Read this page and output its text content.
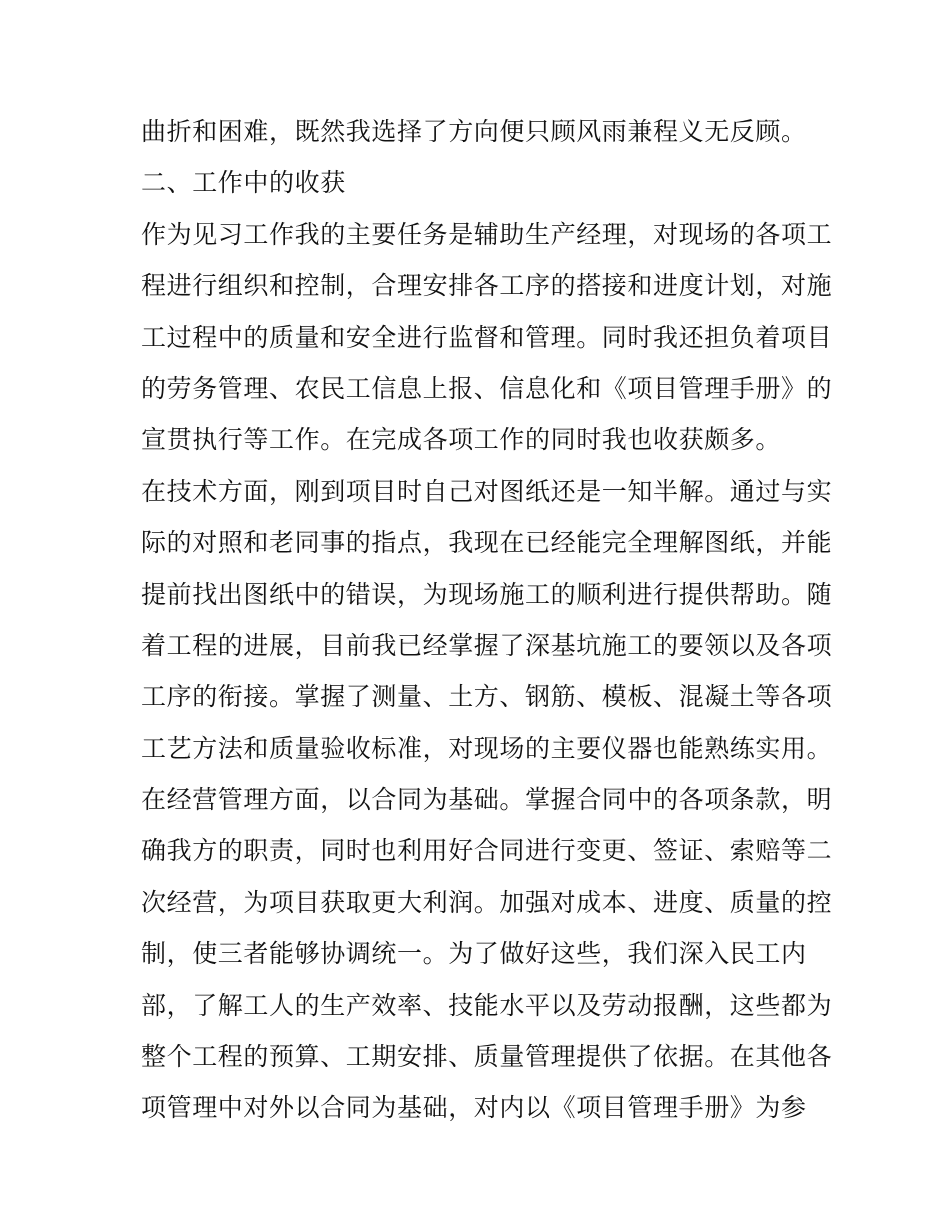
曲折和困难，既然我选择了方向便只顾风雨兼程义无反顾。
二、工作中的收获
作为见习工作我的主要任务是辅助生产经理，对现场的各项工
程进行组织和控制，合理安排各工序的搭接和进度计划，对施
工过程中的质量和安全进行监督和管理。同时我还担负着项目
的劳务管理、农民工信息上报、信息化和《项目管理手册》的
宣贯执行等工作。在完成各项工作的同时我也收获颇多。
在技术方面，刚到项目时自己对图纸还是一知半解。通过与实
际的对照和老同事的指点，我现在已经能完全理解图纸，并能
提前找出图纸中的错误，为现场施工的顺利进行提供帮助。随
着工程的进展，目前我已经掌握了深基坑施工的要领以及各项
工序的衔接。掌握了测量、土方、钢筋、模板、混凝土等各项
工艺方法和质量验收标准，对现场的主要仪器也能熟练实用。
在经营管理方面，以合同为基础。掌握合同中的各项条款，明
确我方的职责，同时也利用好合同进行变更、签证、索赔等二
次经营，为项目获取更大利润。加强对成本、进度、质量的控
制，使三者能够协调统一。为了做好这些，我们深入民工内
部，了解工人的生产效率、技能水平以及劳动报酬，这些都为
整个工程的预算、工期安排、质量管理提供了依据。在其他各
项管理中对外以合同为基础，对内以《项目管理手册》为参
